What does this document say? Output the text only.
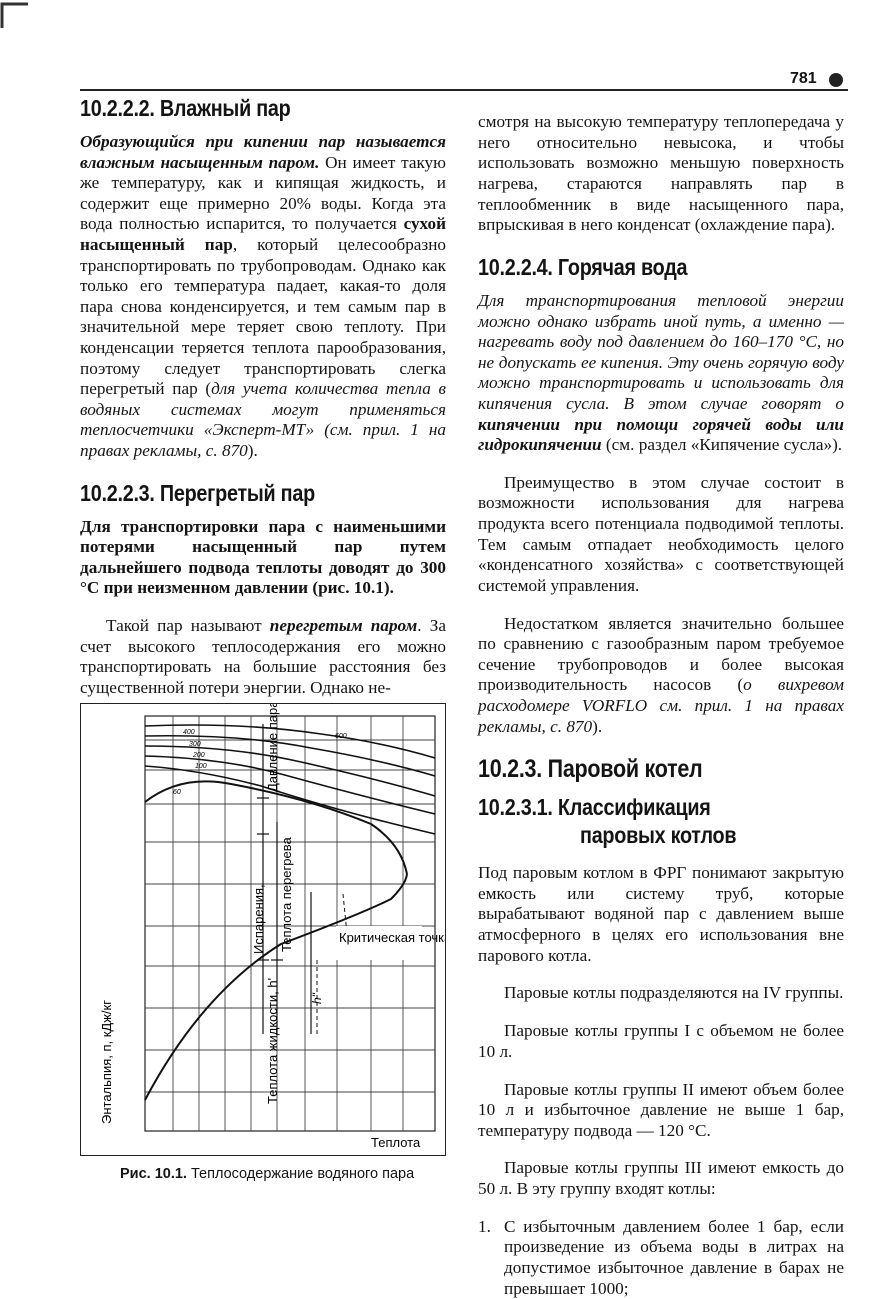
781
10.2.2.2. Влажный пар

Образующийся при кипении пар называется влажным насыщенным паром. Он имеет такую же температуру, как и кипящая жидкость, и содержит еще примерно 20% воды. Когда эта вода полностью испарится, то получается сухой насыщенный пар, который целесообразно транспортировать по трубопроводам. Однако как только его температура падает, какая-то доля пара снова конденсируется, и тем самым пар в значительной мере теряет свою теплоту. При конденсации теряется теплота парообразования, поэтому следует транспортировать слегка перегретый пар (для учета количества тепла в водяных системах могут применяться теплосчетчики «Эксперт-МТ» (см. прил. 1 на правах рекламы, с. 870).

10.2.2.3. Перегретый пар

Для транспортировки пара с наименьшими потерями насыщенный пар путем дальнейшего подвода теплоты доводят до 300 °С при неизменном давлении (рис. 10.1).

Такой пар называют перегретым паром. За счет высокого теплосодержания его можно транспортировать на большие расстояния без существенной потери энергии. Однако не-

400
300
200
100
60
600
Энтальпия, п, кДж/кг
Давление пара
Испарения, Теплота перегрева
Теплота жидкости, h'	h"
Критическая точка
Теплота
Рис. 10.1. Теплосодержание водяного пара

смотря на высокую температуру теплопередача у него относительно невысока, и чтобы использовать возможно меньшую поверхность нагрева, стараются направлять пар в теплообменник в виде насыщенного пара, впрыскивая в него конденсат (охлаждение пара).

10.2.2.4. Горячая вода

Для транспортирования тепловой энергии можно однако избрать иной путь, а именно — нагревать воду под давлением до 160–170 °С, но не допускать ее кипения. Эту очень горячую воду можно транспортировать и использовать для кипячения сусла. В этом случае говорят о кипячении при помощи горячей воды или гидрокипячении (см. раздел «Кипячение сусла»).

Преимущество в этом случае состоит в возможности использования для нагрева продукта всего потенциала подводимой теплоты. Тем самым отпадает необходимость целого «конденсатного хозяйства» с соответствующей системой управления.

Недостатком является значительно большее по сравнению с газообразным паром требуемое сечение трубопроводов и более высокая производительность насосов (о вихревом расходомере VORFLO см. прил. 1 на правах рекламы, с. 870).

10.2.3. Паровой котел
10.2.3.1. Классификация
паровых котлов

Под паровым котлом в ФРГ понимают закрытую емкость или систему труб, которые вырабатывают водяной пар с давлением выше атмосферного в целях его использования вне парового котла.

Паровые котлы подразделяются на IV группы.

Паровые котлы группы I с объемом не более 10 л.

Паровые котлы группы II имеют объем более 10 л и избыточное давление не выше 1 бар, температуру подвода — 120 °С.

Паровые котлы группы III имеют емкость до 50 л. В эту группу входят котлы:

1. С избыточным давлением более 1 бар, если произведение из объема воды в литрах на допустимое избыточное давление в барах не превышает 1000;
